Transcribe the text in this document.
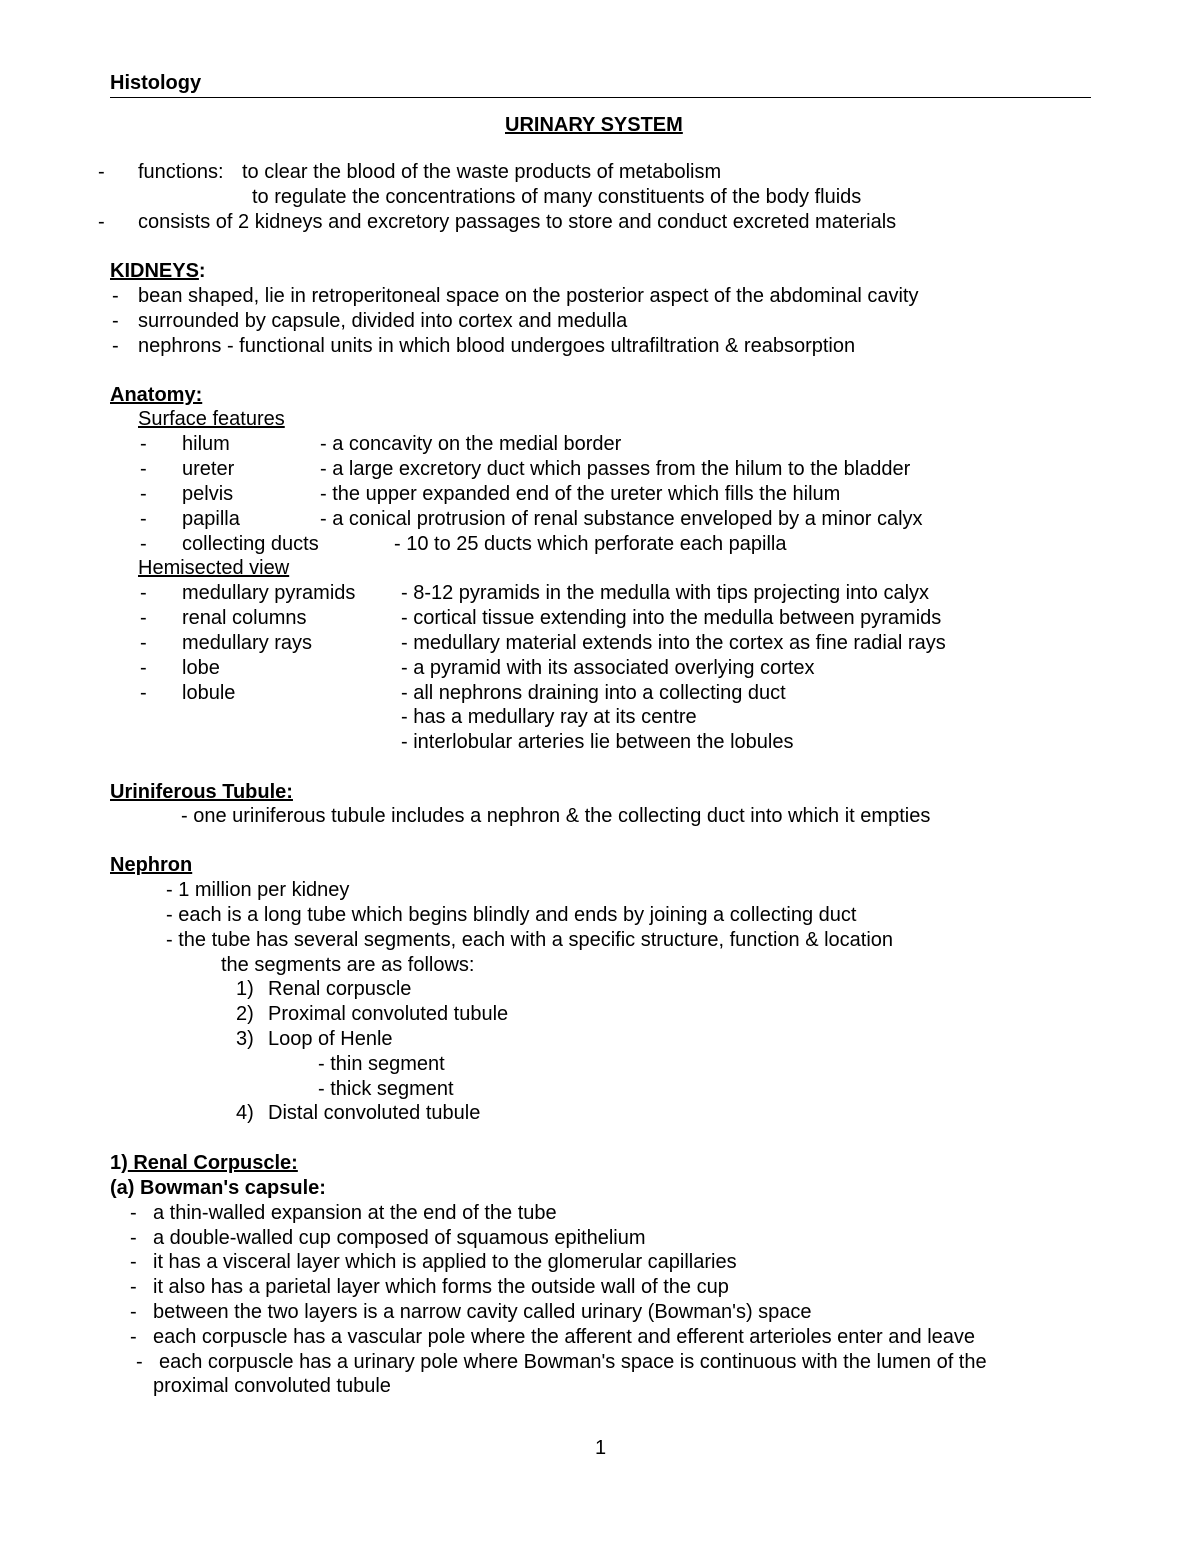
Histology
URINARY SYSTEM
- functions: to clear the blood of the waste products of metabolism
to regulate the concentrations of many constituents of the body fluids
- consists of 2 kidneys and excretory passages to store and conduct excreted materials
KIDNEYS:
- bean shaped, lie in retroperitoneal space on the posterior aspect of the abdominal cavity
- surrounded by capsule, divided into cortex and medulla
- nephrons - functional units in which blood undergoes ultrafiltration & reabsorption
Anatomy:
Surface features
- hilum	- a concavity on the medial border
- ureter	- a large excretory duct which passes from the hilum to the bladder
- pelvis	- the upper expanded end of the ureter which fills the hilum
- papilla	- a conical protrusion of renal substance enveloped by a minor calyx
- collecting ducts	- 10 to 25 ducts which perforate each papilla
Hemisected view
- medullary pyramids - 8-12 pyramids in the medulla with tips projecting into calyx
- renal columns	- cortical tissue extending into the medulla between pyramids
- medullary rays	- medullary material extends into the cortex as fine radial rays
- lobe	- a pyramid with its associated overlying cortex
- lobule	- all nephrons draining into a collecting duct
- has a medullary ray at its centre
- interlobular arteries lie between the lobules
Uriniferous Tubule:
- one uriniferous tubule includes a nephron & the collecting duct into which it empties
Nephron
- 1 million per kidney
- each is a long tube which begins blindly and ends by joining a collecting duct
- the tube has several segments, each with a specific structure, function & location
the segments are as follows:
1) Renal corpuscle
2) Proximal convoluted tubule
3) Loop of Henle
- thin segment
- thick segment
4) Distal convoluted tubule
1) Renal Corpuscle:
(a) Bowman's capsule:
- a thin-walled expansion at the end of the tube
- a double-walled cup composed of squamous epithelium
- it has a visceral layer which is applied to the glomerular capillaries
- it also has a parietal layer which forms the outside wall of the cup
- between the two layers is a narrow cavity called urinary (Bowman's) space
- each corpuscle has a vascular pole where the afferent and efferent arterioles enter and leave
- each corpuscle has a urinary pole where Bowman's space is continuous with the lumen of the
proximal convoluted tubule
1
